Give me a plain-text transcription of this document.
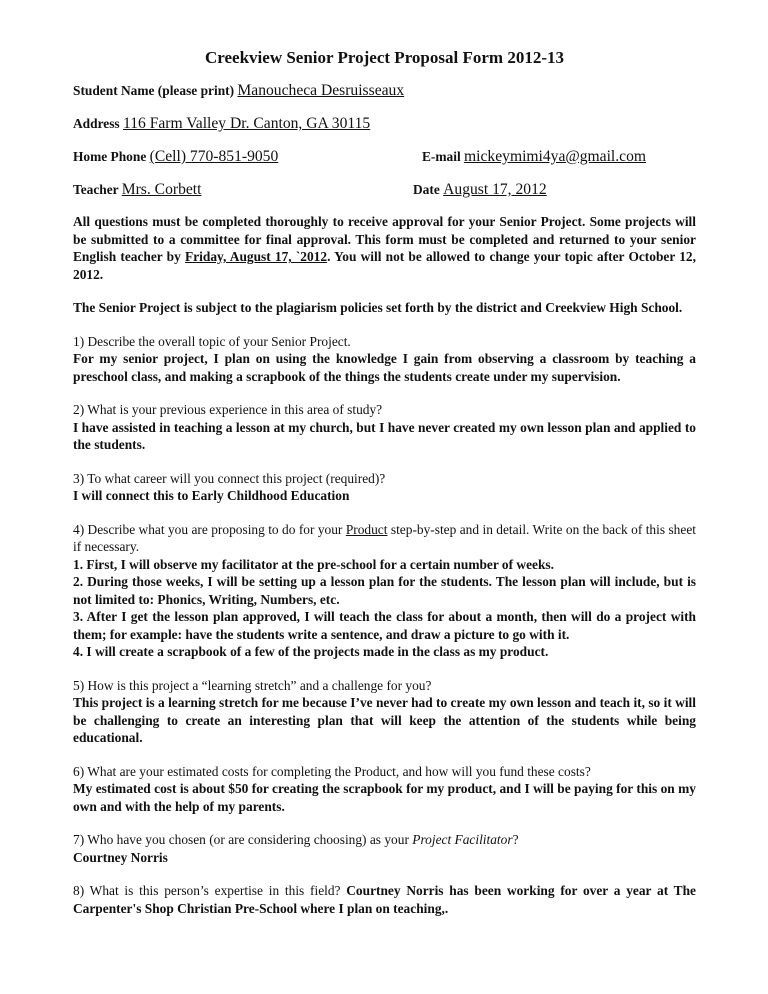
Creekview Senior Project Proposal Form 2012-13
Student Name (please print) Manoucheca Desruisseaux
Address 116 Farm Valley Dr. Canton, GA 30115
Home Phone (Cell) 770-851-9050	E-mail mickeymimi4ya@gmail.com
Teacher Mrs. Corbett	Date August 17, 2012

All questions must be completed thoroughly to receive approval for your Senior Project. Some projects will be submitted to a committee for final approval. This form must be completed and returned to your senior English teacher by Friday, August 17, `2012. You will not be allowed to change your topic after October 12, 2012.

The Senior Project is subject to the plagiarism policies set forth by the district and Creekview High School.

1) Describe the overall topic of your Senior Project.

For my senior project, I plan on using the knowledge I gain from observing a classroom by teaching a preschool class, and making a scrapbook of the things the students create under my supervision.

2) What is your previous experience in this area of study?

I have assisted in teaching a lesson at my church, but I have never created my own lesson plan and applied to the students.

3) To what career will you connect this project (required)?

I will connect this to Early Childhood Education

4) Describe what you are proposing to do for your Product step-by-step and in detail. Write on the back of this sheet if necessary.

1. First, I will observe my facilitator at the pre-school for a certain number of weeks.

2. During those weeks, I will be setting up a lesson plan for the students. The lesson plan will include, but is not limited to: Phonics, Writing, Numbers, etc.

3. After I get the lesson plan approved, I will teach the class for about a month, then will do a project with them; for example: have the students write a sentence, and draw a picture to go with it.

4. I will create a scrapbook of a few of the projects made in the class as my product.

5) How is this project a “learning stretch” and a challenge for you?

This project is a learning stretch for me because I’ve never had to create my own lesson and teach it, so it will be challenging to create an interesting plan that will keep the attention of the students while being educational.

6) What are your estimated costs for completing the Product, and how will you fund these costs?

My estimated cost is about $50 for creating the scrapbook for my product, and I will be paying for this on my own and with the help of my parents.

7) Who have you chosen (or are considering choosing) as your Project Facilitator?

Courtney Norris

8) What is this person’s expertise in this field? Courtney Norris has been working for over a year at The Carpenter's Shop Christian Pre-School where I plan on teaching,.
